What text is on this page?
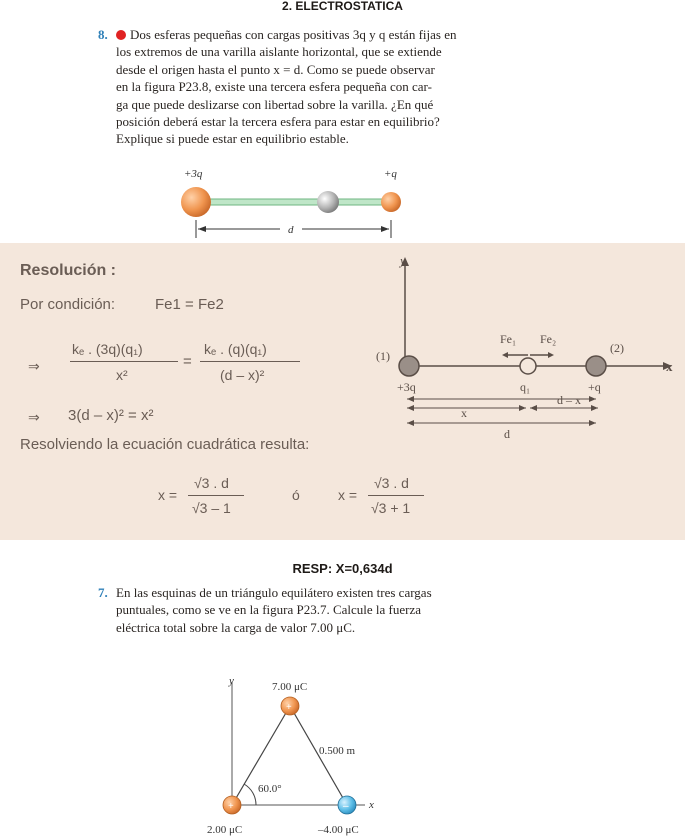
2. ELECTROSTATICA
8.	Dos esferas pequeñas con cargas positivas 3q y q están fijas en
los extremos de una varilla aislante horizontal, que se extiende
desde el origen hasta el punto x = d. Como se puede observar
en la figura P23.8, existe una tercera esfera pequeña con car-
ga que puede deslizarse con libertad sobre la varilla. ¿En qué
posición deberá estar la tercera esfera para estar en equilibrio?
Explique si puede estar en equilibrio estable.
+3q	+q
d
Resolución :
Por condición:	Fe1 = Fe2
⇒
kₑ . (3q)(q₁)
x²
=
kₑ . (q)(q₁)
(d – x)²
⇒ 3(d – x)² = x²
Resolviendo la ecuación cuadrática resulta:
x =
√3 . d
√3 – 1
ó	x =
√3 . d
√3 + 1
y
x
(1)
(2)
+3q	q₁	+q
Fe₁ Fe₂
x
d – x
d
RESP: X=0,634d
7. En las esquinas de un triángulo equilátero existen tres cargas
puntuales, como se ve en la figura P23.7. Calcule la fuerza
eléctrica total sobre la carga de valor 7.00 μC.
y
x
60.0°
0.500 m
+
+	–
7.00 μC
2.00 μC	–4.00 μC
